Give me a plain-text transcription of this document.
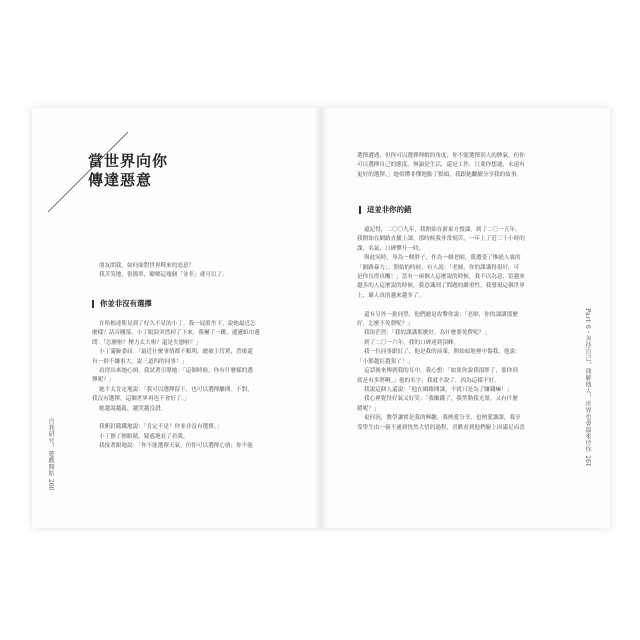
當世界向你
傳達惡意

朋友問我，如何面對世界釋來的惡意？

我苦笑地，很簡單，瞭解這幾個「並非」就可以了。

你並非沒有選擇

在哈根達斯見到了好久不見的小丁。我一屁股坐下，說她最近怎

麼樣？話音剛落，小丁眼淚突然掉了下來，我嚇了一跳，邊遞紙巾邊

問：「怎麼啦？壓力太大啦？還是失戀啦？」

小丁滿臉委屈：「最近什麼事情都不順利，總被主管罵，背後還

有一群不嫌事大，說三道四的同事！」

看得出來她心煩，我試著引導她：「這個時候，你有什麼樣的選

擇呢？」

她不太肯定地說：「我可以選擇留下，也可以選擇離開。不對，

我沒有選擇，這個世界再也不會好了。」

她越說越亂，越哭越沒譜。

我斬釘截鐵地說：「肯定不是！你並非沒有選擇。」

小丁擦了擦眼睛，疑惑地看了看我。

我接著跟她說：「你不能選擇天氣，但你可以選擇心情；你不能

自我研究，遊戲開始 260

選擇遭遇，但你可以選擇理解的角度；你不能選擇別人的脾氣，但你

可以選擇自己的態度。無論是生活，還是工作，只要你想通，永遠有

更好的選擇。」她似懂非懂地點了點頭，我跟她繼續分享我的故事。

這並非你的錯

還記得，二〇〇九年，我開始在新東方授課。到了二〇一五年，

我開始在網路直播上課，那時候我非常刻苦，一年上了近三千小時的

課，名氣、口碑攀升一時。

與此同時，身為一個胖子，作為一個老師，我遭受了慘絕人寰的

「網路暴力」。開始的時候，有人說：「老師，你的課講得很好，可

是你長得真醜！」當有一兩個人這麼說的時候，我不以為意，當越來

越多的人這麼說的時候，我意識到了問題的嚴重性，我發現這個世界

上，壞人真的越來越多了。

還有另外一批同學，他們總是攻擊你說：「老師，你的課講那麼

好，怎麼不免費呢？」

我很茫然：「我的課講那麼好，為什麼要免費呢？」

到了二〇一六年，我的口碑達到頂峰。

我一位同事跟紅了，他是我的前輩，開始暗地裡中傷我，他說：

「小節越紅越狠了！」

這話後來傳到我的耳中，我心想：「如果你說我很胖了，那你到

底是有多胖啊。」他的名字，我就不說了，因為這樣不好。

我說這個人還說：「他在網路開課，不就只是為了賺錢嘛！」

我心裡覺得好氣又好笑：「我賺錢了，我勞動我光榮，又有什麼

錯呢？」

更何況，教學讓實是我的興趣，我熱愛分享，也熱愛講課，我享

受學生由一竅不通到恍然大悟的過程，喜歡看到他們臉上因滿足而喜	Part 6・善待自己，理解他人，世界也會溫柔待你 261
